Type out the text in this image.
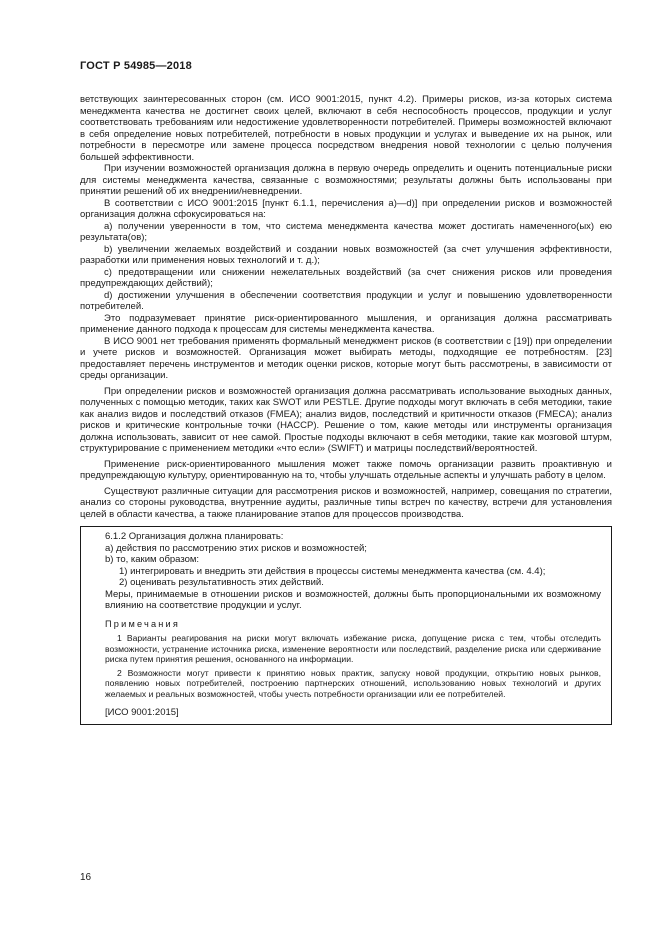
ГОСТ Р 54985—2018

ветствующих заинтересованных сторон (см. ИСО 9001:2015, пункт 4.2). Примеры рисков, из-за которых система менеджмента качества не достигнет своих целей, включают в себя неспособность процессов, продукции и услуг соответствовать требованиям или недостижение удовлетворенности потребителей. Примеры возможностей включают в себя определение новых потребителей, потребности в новых продукции и услугах и выведение их на рынок, или потребности в пересмотре или замене процесса посредством внедрения новой технологии с целью получения большей эффективности.

При изучении возможностей организация должна в первую очередь определить и оценить потенциальные риски для системы менеджмента качества, связанные с возможностями; результаты должны быть использованы при принятии решений об их внедрении/невнедрении.

В соответствии с ИСО 9001:2015 [пункт 6.1.1, перечисления а)—d)] при определении рисков и возможностей организация должна сфокусироваться на:

а) получении уверенности в том, что система менеджмента качества может достигать намеченного(ых) ею результата(ов);

b) увеличении желаемых воздействий и создании новых возможностей (за счет улучшения эффективности, разработки или применения новых технологий и т. д.);

c) предотвращении или снижении нежелательных воздействий (за счет снижения рисков или проведения предупреждающих действий);

d) достижении улучшения в обеспечении соответствия продукции и услуг и повышению удовлетворенности потребителей.

Это подразумевает принятие риск-ориентированного мышления, и организация должна рассматривать применение данного подхода к процессам для системы менеджмента качества.

В ИСО 9001 нет требования применять формальный менеджмент рисков (в соответствии с [19]) при определении и учете рисков и возможностей. Организация может выбирать методы, подходящие ее потребностям. [23] предоставляет перечень инструментов и методик оценки рисков, которые могут быть рассмотрены, в зависимости от среды организации.

При определении рисков и возможностей организация должна рассматривать использование выходных данных, полученных с помощью методик, таких как SWOT или PESTLE. Другие подходы могут включать в себя методики, такие как анализ видов и последствий отказов (FMEA); анализ видов, последствий и критичности отказов (FMECA); анализ рисков и критические контрольные точки (HACCP). Решение о том, какие методы или инструменты организация должна использовать, зависит от нее самой. Простые подходы включают в себя методики, такие как мозговой штурм, структурирование с применением методики «что если» (SWIFT) и матрицы последствий/вероятностей.

Применение риск-ориентированного мышления может также помочь организации развить проактивную и предупреждающую культуру, ориентированную на то, чтобы улучшать отдельные аспекты и улучшать работу в целом.

Существуют различные ситуации для рассмотрения рисков и возможностей, например, совещания по стратегии, анализ со стороны руководства, внутренние аудиты, различные типы встреч по качеству, встречи для установления целей в области качества, а также планирование этапов для процессов производства.

6.1.2 Организация должна планировать:

а) действия по рассмотрению этих рисков и возможностей;

b) то, каким образом:

1) интегрировать и внедрить эти действия в процессы системы менеджмента качества (см. 4.4);

2) оценивать результативность этих действий.

Меры, принимаемые в отношении рисков и возможностей, должны быть пропорциональными их возможному влиянию на соответствие продукции и услуг.

Примечания

1 Варианты реагирования на риски могут включать избежание риска, допущение риска с тем, чтобы отследить возможности, устранение источника риска, изменение вероятности или последствий, разделение риска или сдерживание риска путем принятия решения, основанного на информации.

2 Возможности могут привести к принятию новых практик, запуску новой продукции, открытию новых рынков, появлению новых потребителей, построению партнерских отношений, использованию новых технологий и других желаемых и реальных возможностей, чтобы учесть потребности организации или ее потребителей.

[ИСО 9001:2015]

16
